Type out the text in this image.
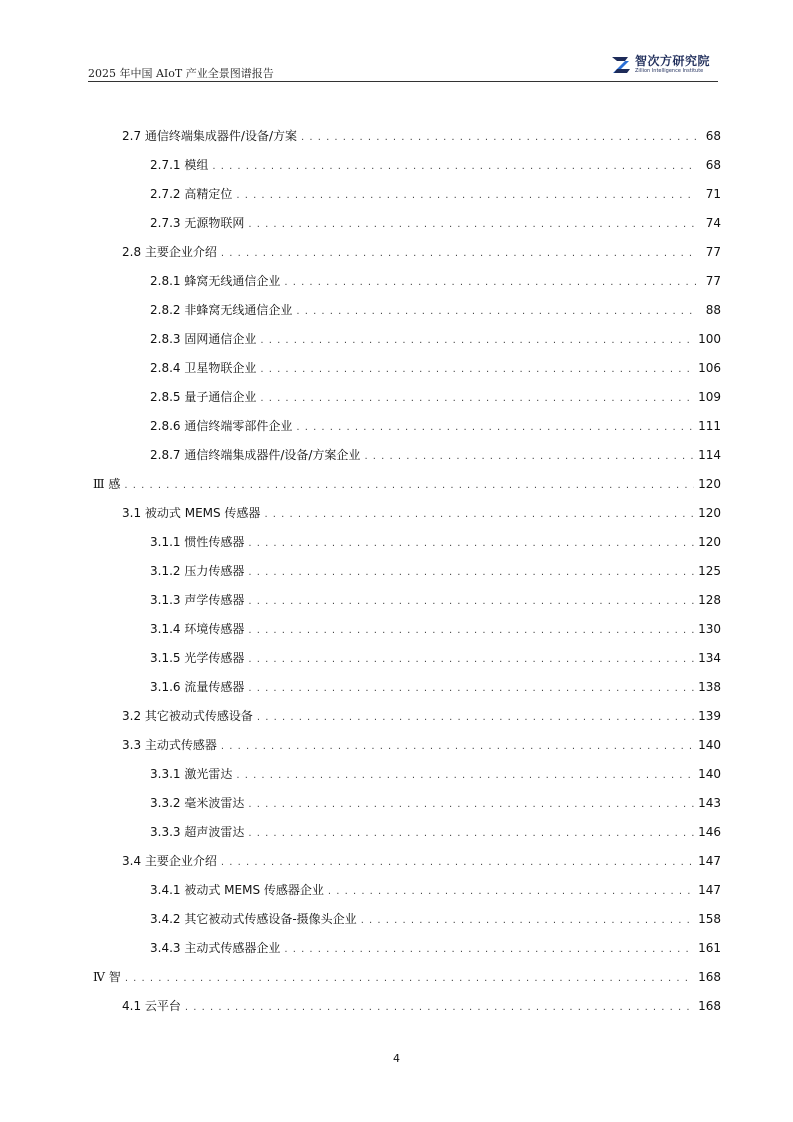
2025 年中国 AIoT 产业全景图谱报告
智次方研究院
Zillion Intelligence Institute
2.7 通信终端集成器件/设备/方案 . . .	68
2.7.1 模组 . . .	68
2.7.2 高精定位 . . .	71
2.7.3 无源物联网 . . .	74
2.8 主要企业介绍 . . .	77
2.8.1 蜂窝无线通信企业 . . .	77
2.8.2 非蜂窝无线通信企业 . . .	88
2.8.3 固网通信企业 . . .	100
2.8.4 卫星物联企业 . . .	106
2.8.5 量子通信企业 . . .	109
2.8.6 通信终端零部件企业 . . .	111
2.8.7 通信终端集成器件/设备/方案企业 . . .	114
Ⅲ 感 . . .	120
3.1 被动式 MEMS 传感器 . . .	120
3.1.1 惯性传感器 . . .	120
3.1.2 压力传感器 . . .	125
3.1.3 声学传感器 . . .	128
3.1.4 环境传感器 . . .	130
3.1.5 光学传感器 . . .	134
3.1.6 流量传感器 . . .	138
3.2 其它被动式传感设备 . . .	139
3.3 主动式传感器 . . .	140
3.3.1 激光雷达 . . .	140
3.3.2 毫米波雷达 . . .	143
3.3.3 超声波雷达 . . .	146
3.4 主要企业介绍 . . .	147
3.4.1 被动式 MEMS 传感器企业 . . .	147
3.4.2 其它被动式传感设备-摄像头企业 . . .	158
3.4.3 主动式传感器企业 . . .	161
Ⅳ 智 . . .	168
4.1 云平台 . . .	168
4
